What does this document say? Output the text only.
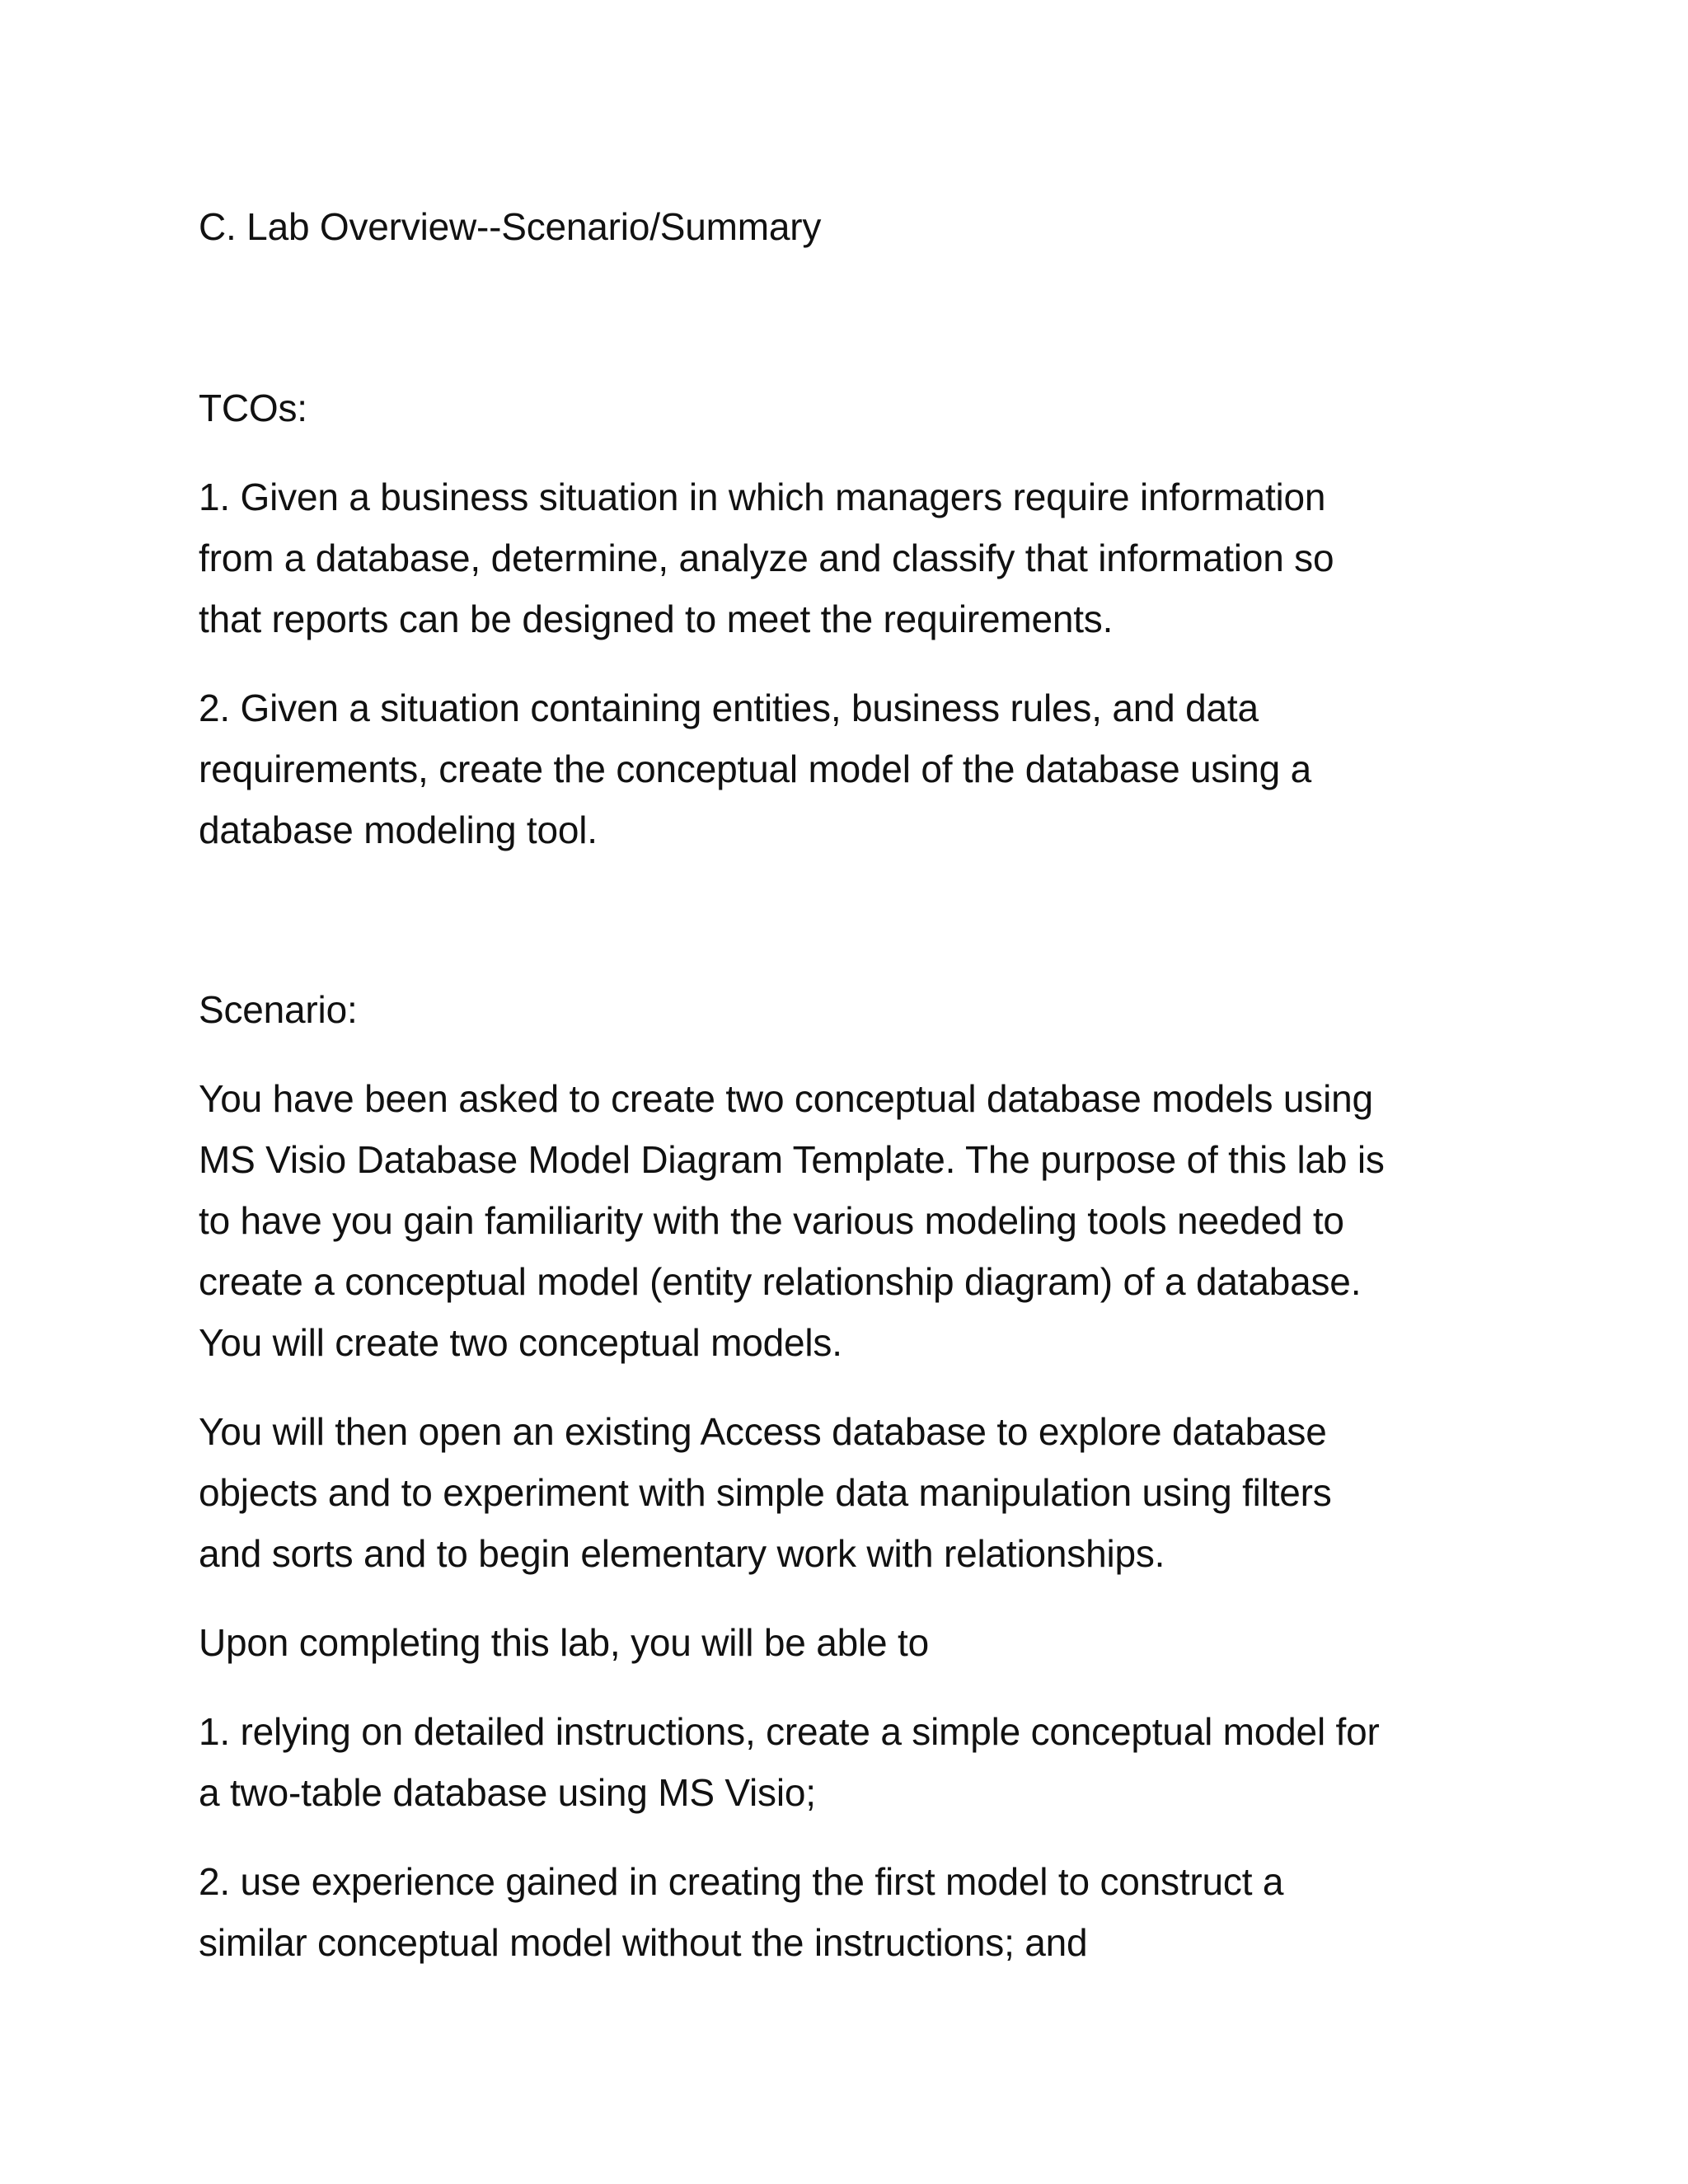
C. Lab Overview--Scenario/Summary

TCOs:

1. Given a business situation in which managers require information
from a database, determine, analyze and classify that information so
that reports can be designed to meet the requirements.

2. Given a situation containing entities, business rules, and data
requirements, create the conceptual model of the database using a
database modeling tool.

Scenario:

You have been asked to create two conceptual database models using
MS Visio Database Model Diagram Template. The purpose of this lab is
to have you gain familiarity with the various modeling tools needed to
create a conceptual model (entity relationship diagram) of a database.
You will create two conceptual models.

You will then open an existing Access database to explore database
objects and to experiment with simple data manipulation using filters
and sorts and to begin elementary work with relationships.

Upon completing this lab, you will be able to

1. relying on detailed instructions, create a simple conceptual model for
a two-table database using MS Visio;

2. use experience gained in creating the first model to construct a
similar conceptual model without the instructions; and
